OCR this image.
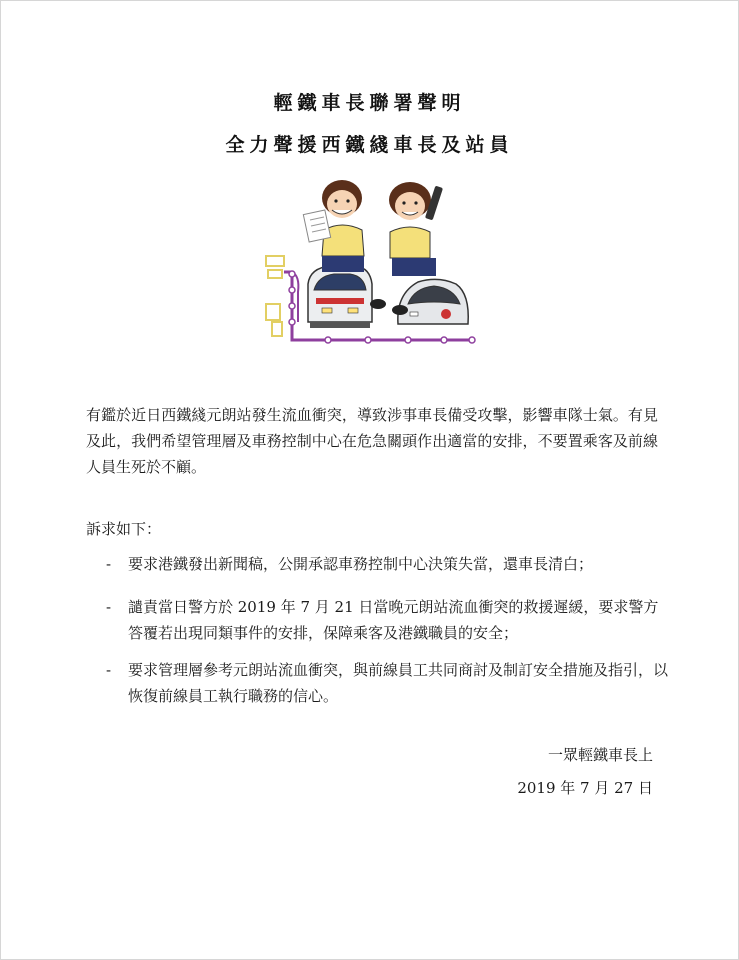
輕鐵車長聯署聲明
全力聲援西鐵綫車長及站員
有鑑於近日西鐵綫元朗站發生流血衝突，導致涉事車長備受攻擊，影響車隊士氣。有見及此，我們希望管理層及車務控制中心在危急關頭作出適當的安排，不要置乘客及前線人員生死於不顧。
訴求如下：
- 要求港鐵發出新聞稿，公開承認車務控制中心決策失當，還車長清白；
- 譴責當日警方於 2019 年 7 月 21 日當晚元朗站流血衝突的救援遲緩，要求警方答覆若出現同類事件的安排，保障乘客及港鐵職員的安全；
- 要求管理層參考元朗站流血衝突，與前線員工共同商討及制訂安全措施及指引，以恢復前線員工執行職務的信心。
一眾輕鐵車長上
2019 年 7 月 27 日
